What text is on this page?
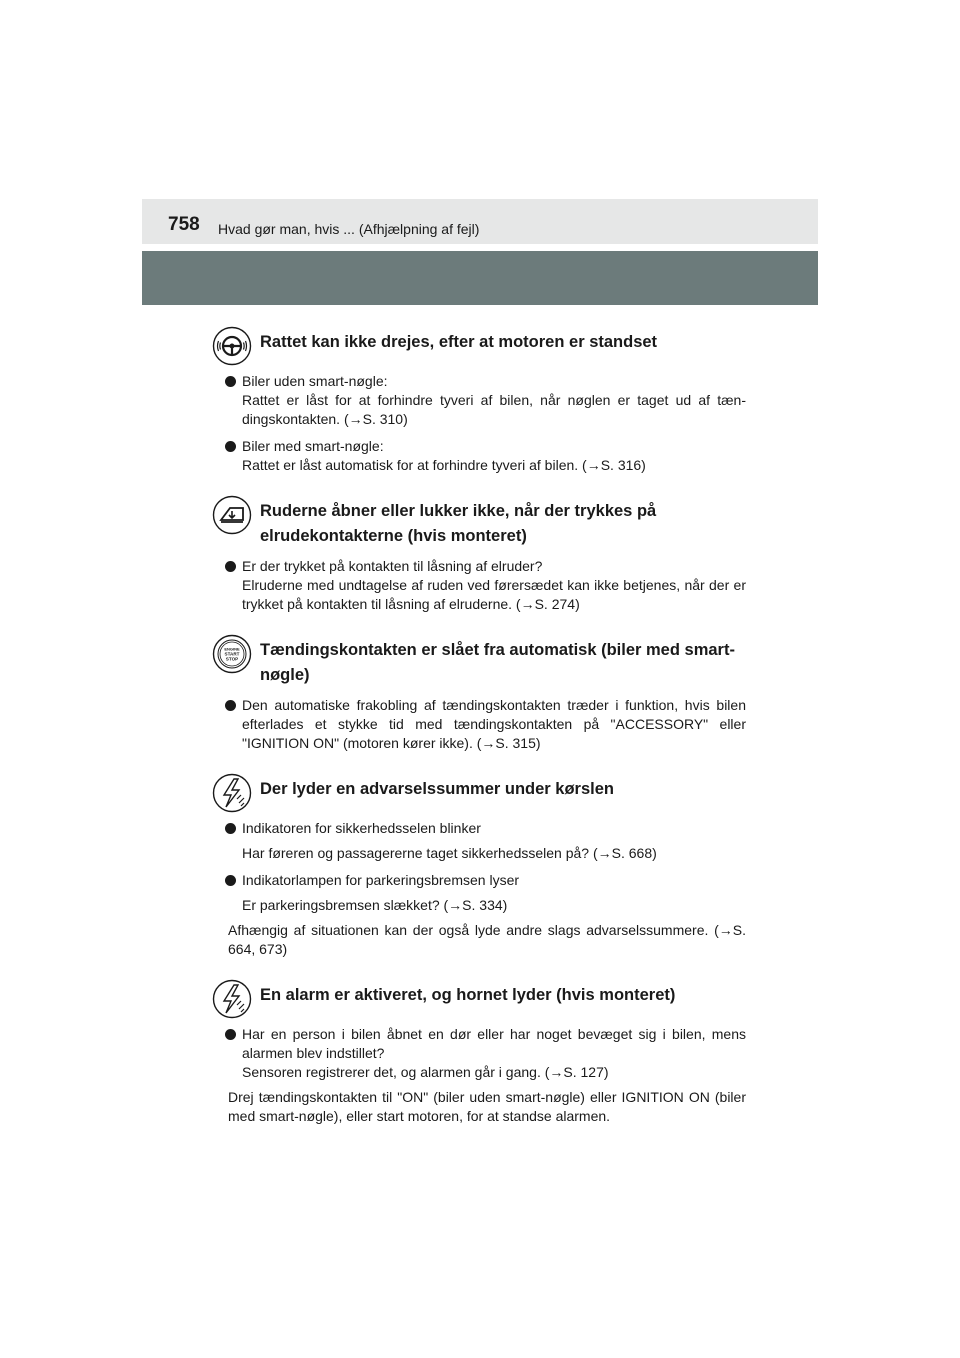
758 Hvad gør man, hvis ... (Afhjælpning af fejl)
Rattet kan ikke drejes, efter at motoren er standset

Biler uden smart-nøgle:

Rattet er låst for at forhindre tyveri af bilen, når nøglen er taget ud af tæn-dingskontakten. (→S. 310)

Biler med smart-nøgle:

Rattet er låst automatisk for at forhindre tyveri af bilen. (→S. 316)

Ruderne åbner eller lukker ikke, når der trykkes på elrudekontakterne (hvis monteret)

Er der trykket på kontakten til låsning af elruder?

Elruderne med undtagelse af ruden ved førersædet kan ikke betjenes, når der er trykket på kontakten til låsning af elruderne. (→S. 274)

ENGINE
START
STOP Tændingskontakten er slået fra automatisk (biler med smart-nøgle)

Den automatiske frakobling af tændingskontakten træder i funktion, hvis bilen efterlades et stykke tid med tændingskontakten på "ACCESSORY" eller "IGNITION ON" (motoren kører ikke). (→S. 315)

Der lyder en advarselssummer under kørslen

Indikatoren for sikkerhedsselen blinker

Har føreren og passagererne taget sikkerhedsselen på? (→S. 668)

Indikatorlampen for parkeringsbremsen lyser

Er parkeringsbremsen slækket? (→S. 334)

Afhængig af situationen kan der også lyde andre slags advarselssummere. (→S. 664, 673)

En alarm er aktiveret, og hornet lyder (hvis monteret)

Har en person i bilen åbnet en dør eller har noget bevæget sig i bilen, mens alarmen blev indstillet?

Sensoren registrerer det, og alarmen går i gang. (→S. 127)

Drej tændingskontakten til "ON" (biler uden smart-nøgle) eller IGNITION ON (biler med smart-nøgle), eller start motoren, for at standse alarmen.
